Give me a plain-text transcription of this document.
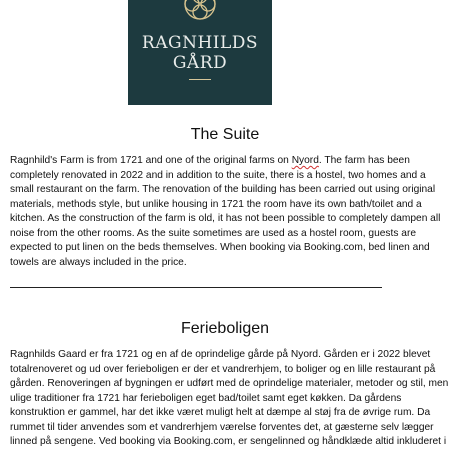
RAGNHILDS
GÅRD
The Suite
Ragnhild's Farm is from 1721 and one of the original farms on Nyord. The farm has been
completely renovated in 2022 and in addition to the suite, there is a hostel, two homes and a
small restaurant on the farm. The renovation of the building has been carried out using original
materials, methods style, but unlike housing in 1721 the room have its own bath/toilet and a
kitchen. As the construction of the farm is old, it has not been possible to completely dampen all
noise from the other rooms. As the suite sometimes are used as a hostel room, guests are
expected to put linen on the beds themselves. When booking via Booking.com, bed linen and
towels are always included in the price.
Ferieboligen
Ragnhilds Gaard er fra 1721 og en af de oprindelige gårde på Nyord. Gården er i 2022 blevet
totalrenoveret og ud over ferieboligen er der et vandrerhjem, to boliger og en lille restaurant på
gården. Renoveringen af bygningen er udført med de oprindelige materialer, metoder og stil, men
ulige traditioner fra 1721 har ferieboligen eget bad/toilet samt eget køkken. Da gårdens
konstruktion er gammel, har det ikke været muligt helt at dæmpe al støj fra de øvrige rum. Da
rummet til tider anvendes som et vandrerhjem værelse forventes det, at gæsterne selv lægger
linned på sengene. Ved booking via Booking.com, er sengelinned og håndklæde altid inkluderet i
